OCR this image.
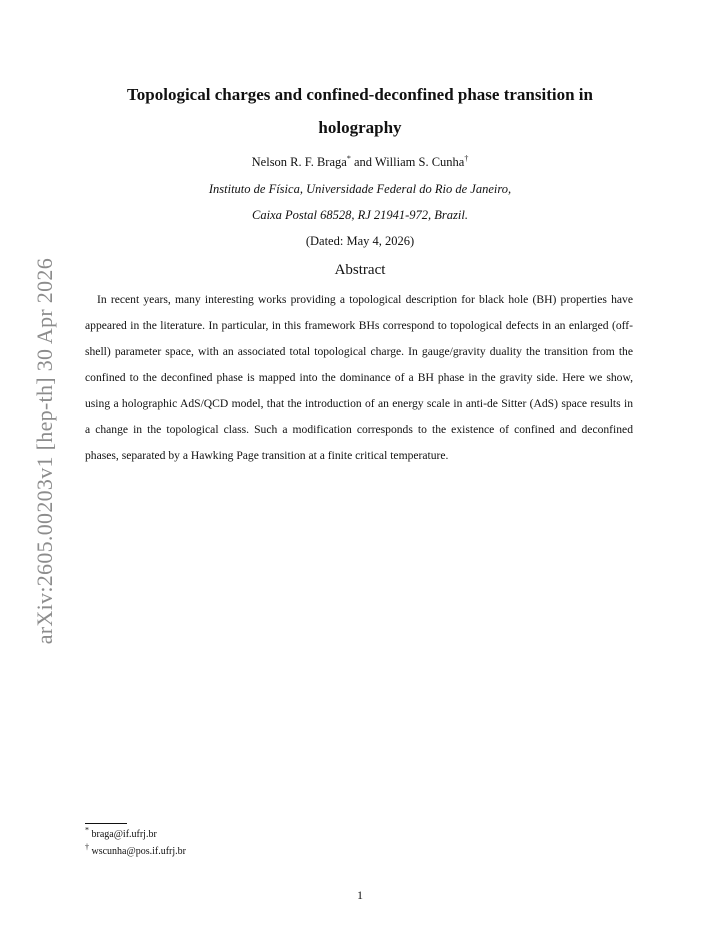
arXiv:2605.00203v1 [hep-th] 30 Apr 2026
Topological charges and confined-deconfined phase transition in holography
Nelson R. F. Braga* and William S. Cunha†
Instituto de Física, Universidade Federal do Rio de Janeiro,
Caixa Postal 68528, RJ 21941-972, Brazil.
(Dated: May 4, 2026)
Abstract

In recent years, many interesting works providing a topological description for black hole (BH) properties have appeared in the literature. In particular, in this framework BHs correspond to topological defects in an enlarged (off-shell) parameter space, with an associated total topological charge. In gauge/gravity duality the transition from the confined to the deconfined phase is mapped into the dominance of a BH phase in the gravity side. Here we show, using a holographic AdS/QCD model, that the introduction of an energy scale in anti-de Sitter (AdS) space results in a change in the topological class. Such a modification corresponds to the existence of confined and deconfined phases, separated by a Hawking Page transition at a finite critical temperature.

* braga@if.ufrj.br
† wscunha@pos.if.ufrj.br
1
